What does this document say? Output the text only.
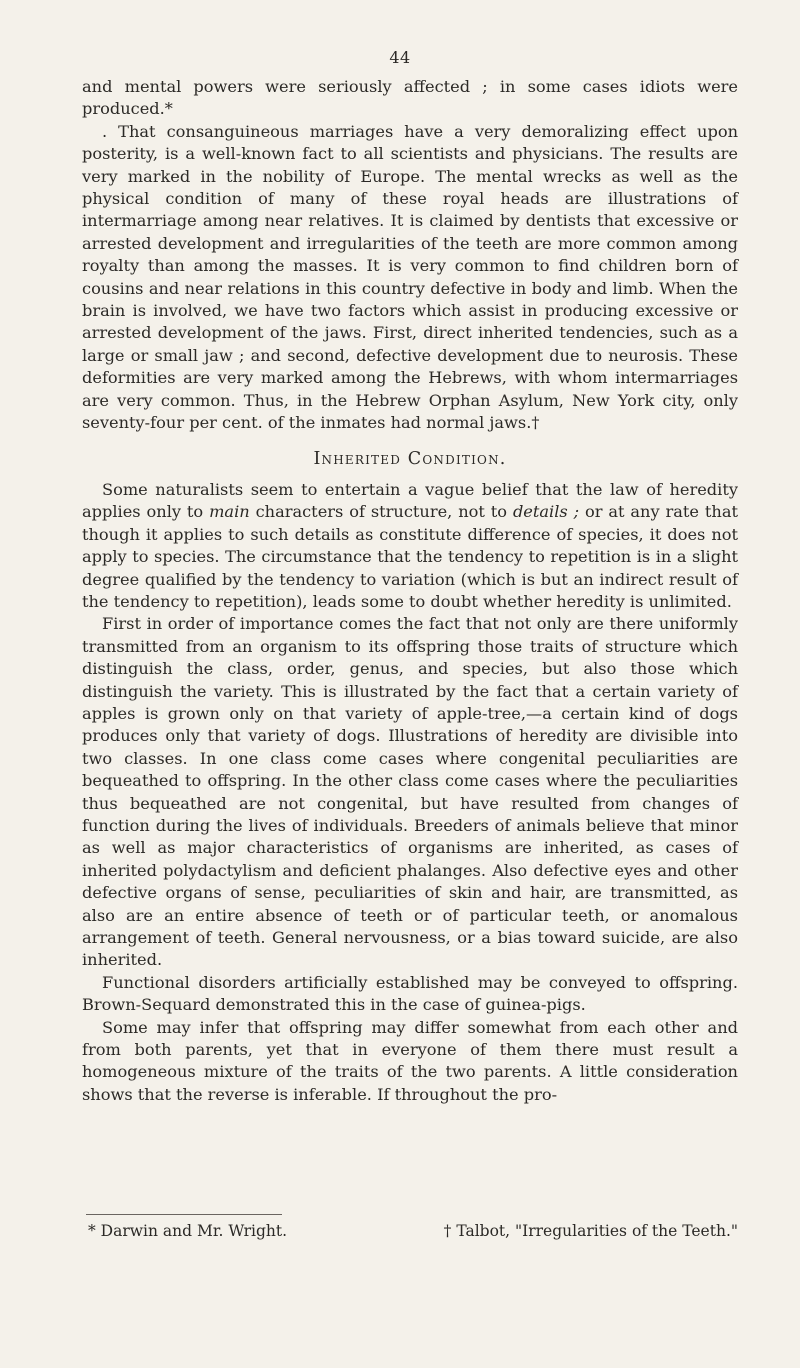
44

and mental powers were seriously affected ; in some cases idiots were produced.*

. That consanguineous marriages have a very demoralizing effect upon posterity, is a well-known fact to all scientists and physicians. The results are very marked in the nobility of Europe. The mental wrecks as well as the physical condition of many of these royal heads are illustrations of intermarriage among near relatives. It is claimed by dentists that excessive or arrested development and irregularities of the teeth are more common among royalty than among the masses. It is very common to find children born of cousins and near relations in this country defective in body and limb. When the brain is involved, we have two factors which assist in producing excessive or arrested development of the jaws. First, direct inherited tendencies, such as a large or small jaw ; and second, defective development due to neurosis. These deformities are very marked among the Hebrews, with whom intermarriages are very common. Thus, in the Hebrew Orphan Asylum, New York city, only seventy-four per cent. of the inmates had normal jaws.†

Inherited Condition.

Some naturalists seem to entertain a vague belief that the law of heredity applies only to main characters of structure, not to details ; or at any rate that though it applies to such details as constitute difference of species, it does not apply to species. The circumstance that the tendency to repetition is in a slight degree qualified by the tendency to variation (which is but an indirect result of the tendency to repetition), leads some to doubt whether heredity is unlimited.

First in order of importance comes the fact that not only are there uniformly transmitted from an organism to its offspring those traits of structure which distinguish the class, order, genus, and species, but also those which distinguish the variety. This is illustrated by the fact that a certain variety of apples is grown only on that variety of apple-tree,—a certain kind of dogs produces only that variety of dogs. Illustrations of heredity are divisible into two classes. In one class come cases where congenital peculiarities are bequeathed to offspring. In the other class come cases where the peculiarities thus bequeathed are not congenital, but have resulted from changes of function during the lives of individuals. Breeders of animals believe that minor as well as major characteristics of organisms are inherited, as cases of inherited polydactylism and deficient phalanges. Also defective eyes and other defective organs of sense, peculiarities of skin and hair, are transmitted, as also are an entire absence of teeth or of particular teeth, or anomalous arrangement of teeth. General nervousness, or a bias toward suicide, are also inherited.

Functional disorders artificially established may be conveyed to offspring. Brown-Sequard demonstrated this in the case of guinea-pigs.

Some may infer that offspring may differ somewhat from each other and from both parents, yet that in everyone of them there must result a homogeneous mixture of the traits of the two parents. A little consideration shows that the reverse is inferable. If throughout the pro-

* Darwin and Mr. Wright.	† Talbot, "Irregularities of the Teeth."
